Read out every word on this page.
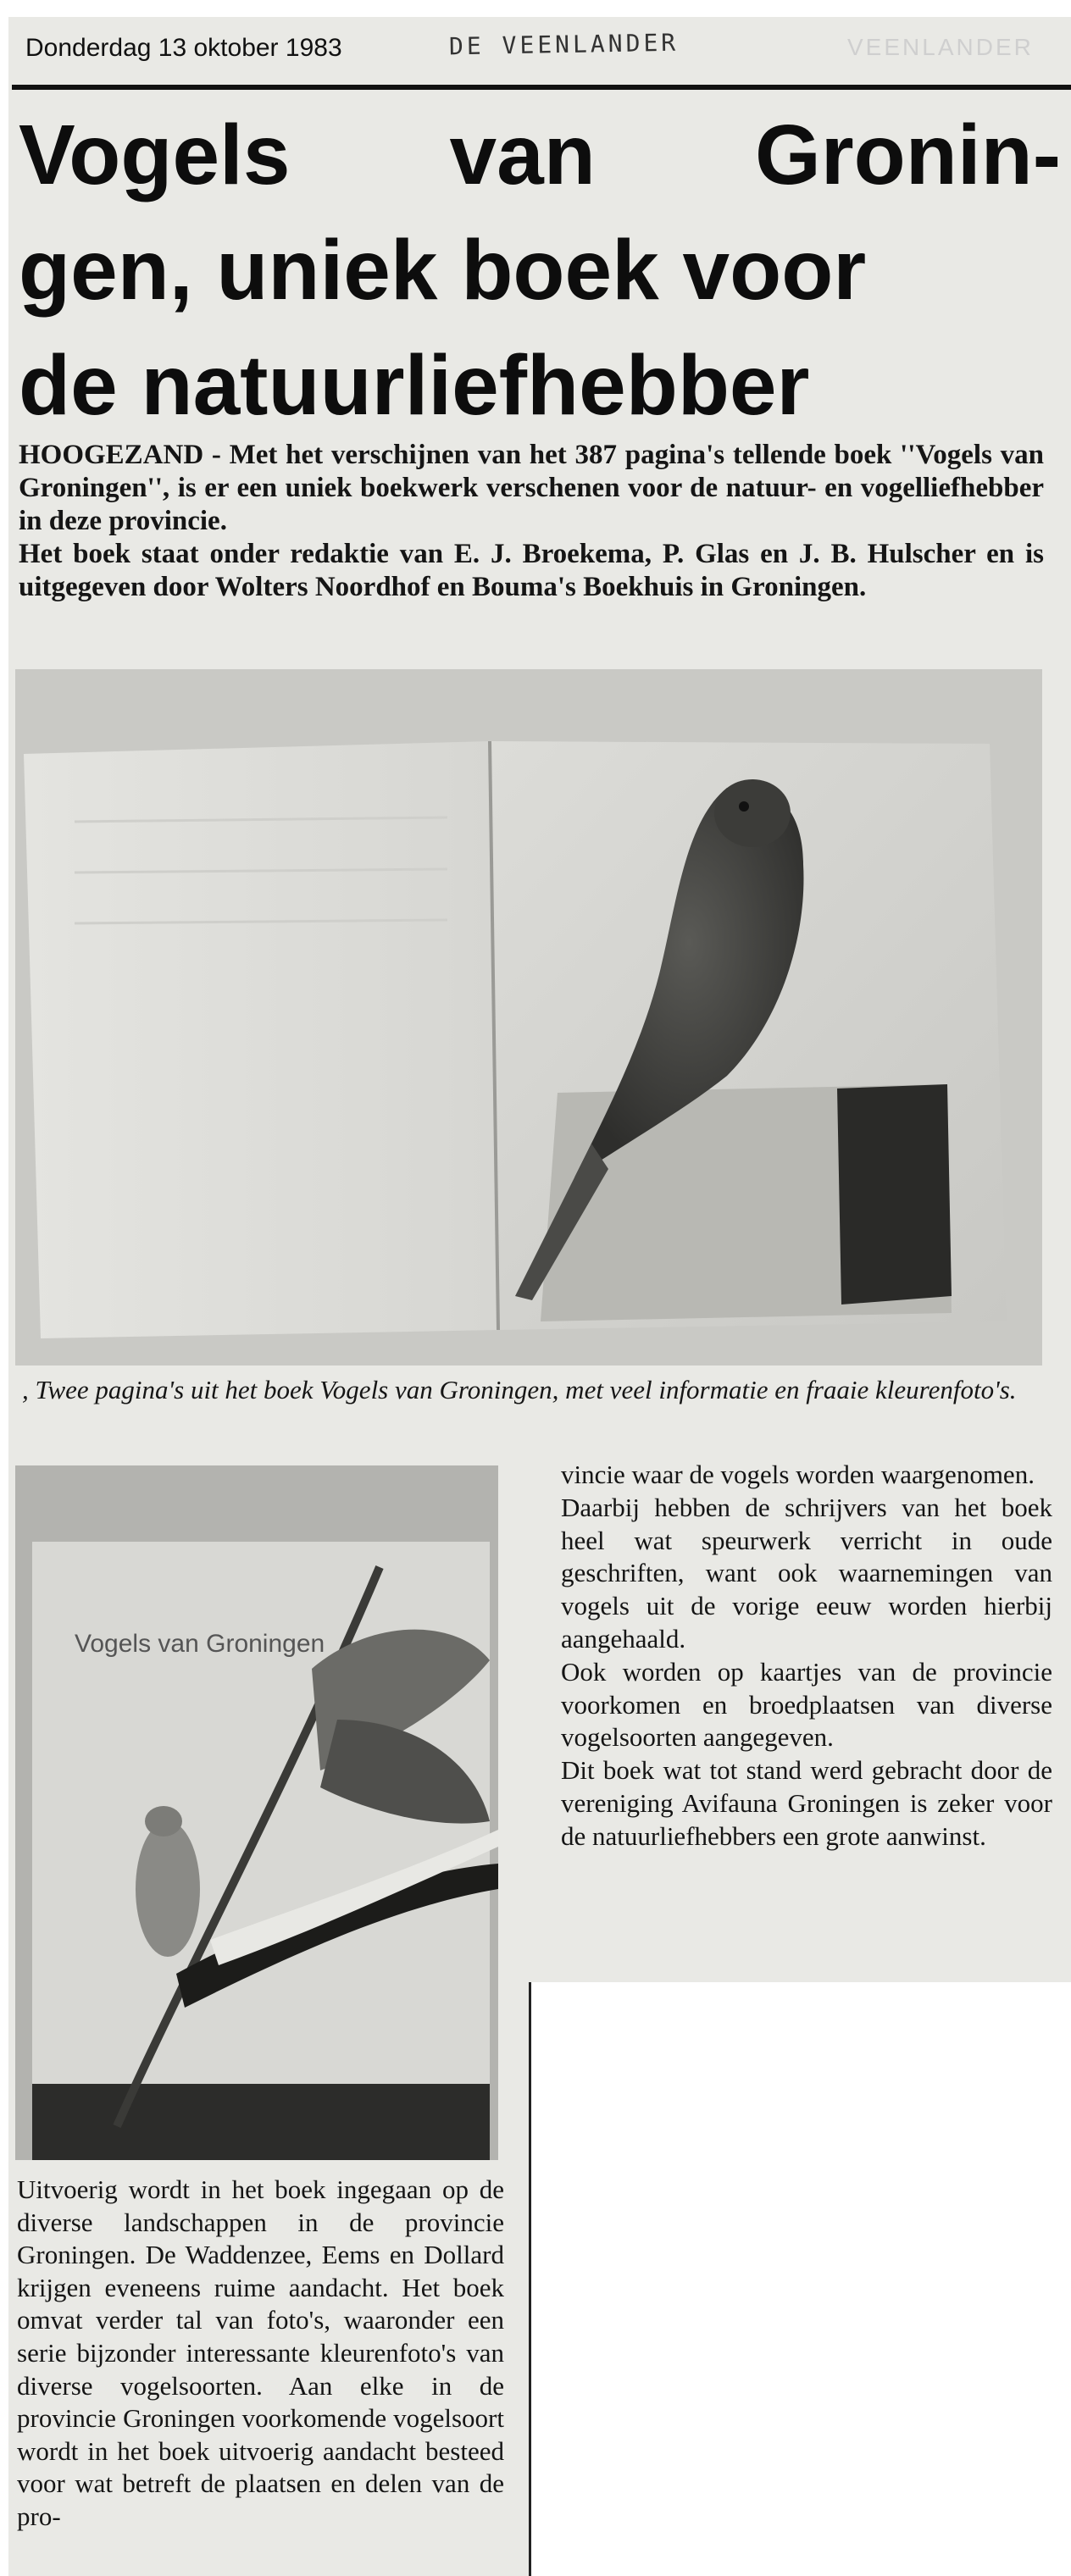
Donderdag 13 oktober 1983	DE VEENLANDER	VEENLANDER
Vogels van Gronin-
gen, uniek boek voor
de natuurliefhebber

HOOGEZAND - Met het verschijnen van het 387 pagina's tellende boek ''Vogels van Groningen'', is er een uniek boekwerk verschenen voor de natuur- en vogelliefhebber in deze provincie.

Het boek staat onder redaktie van E. J. Broekema, P. Glas en J. B. Hulscher en is uitgegeven door Wolters Noordhof en Bouma's Boekhuis in Groningen.

, Twee pagina's uit het boek Vogels van Groningen, met veel informatie en fraaie kleurenfoto's.
Vogels van Groningen

vincie waar de vogels worden waargenomen.

Daarbij hebben de schrijvers van het boek heel wat speurwerk verricht in oude geschriften, want ook waarnemingen van vogels uit de vorige eeuw worden hierbij aangehaald.

Ook worden op kaartjes van de provincie voorkomen en broedplaatsen van diverse vogelsoorten aangegeven.

Dit boek wat tot stand werd gebracht door de vereniging Avifauna Groningen is zeker voor de natuurliefhebbers een grote aanwinst.

Uitvoerig wordt in het boek ingegaan op de diverse landschappen in de provincie Groningen. De Waddenzee, Eems en Dollard krijgen eveneens ruime aandacht. Het boek omvat verder tal van foto's, waaronder een serie bijzonder interessante kleurenfoto's van diverse vogelsoorten. Aan elke in de provincie Groningen voorkomende vogelsoort wordt in het boek uitvoerig aandacht besteed voor wat betreft de plaatsen en delen van de pro-
